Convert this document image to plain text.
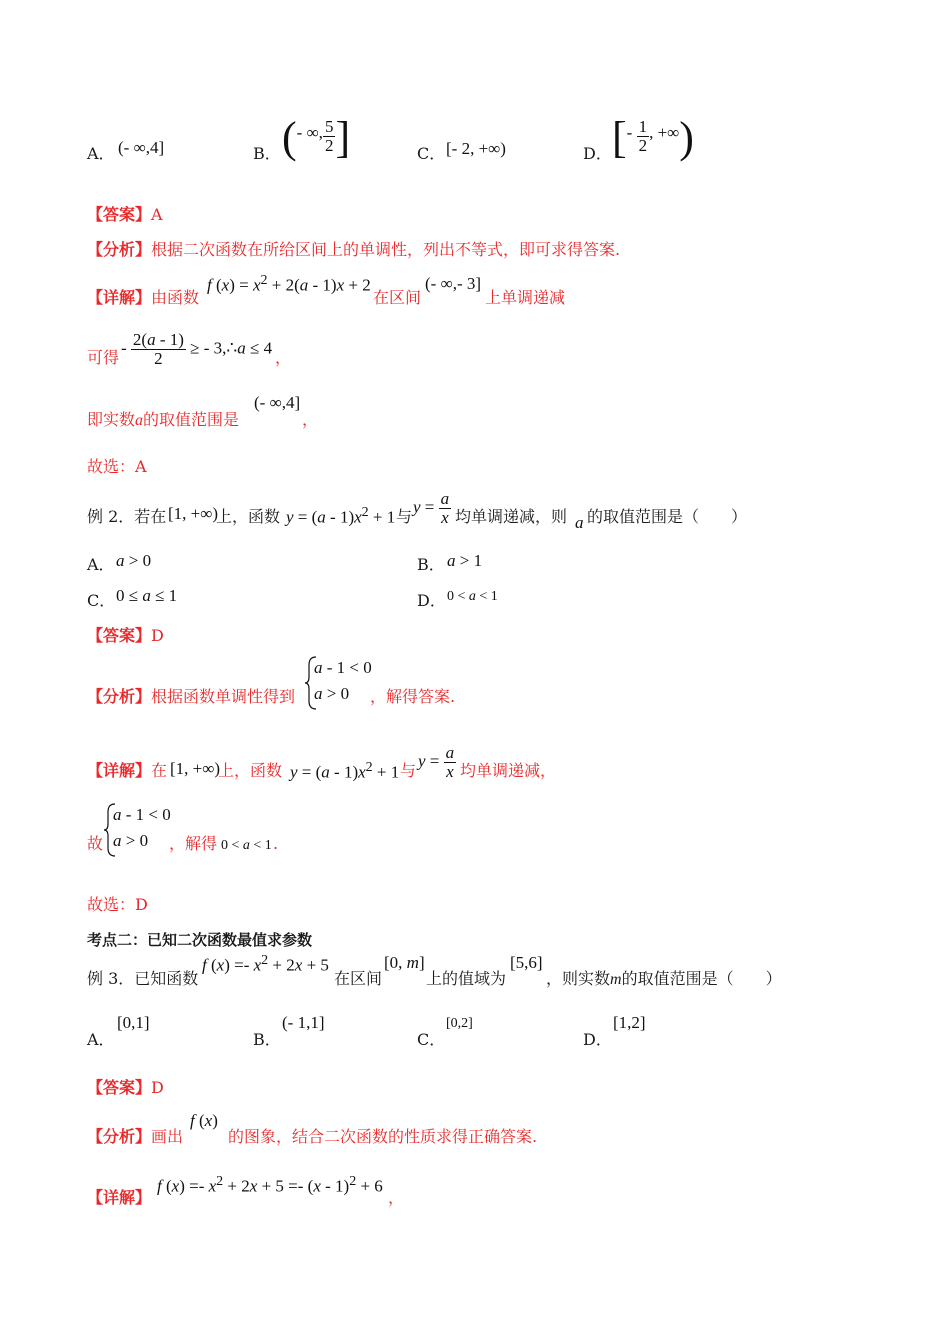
A． (- ∞,4]	B． (- ∞, $\frac{5}{2}$ ]	C． [- 2, +∞)	D． [- $\frac{1}{2}$ , +∞)
【答案】A
【分析】根据二次函数在所给区间上的单调性，列出不等式，即可求得答案.
【详解】由函数
f $(x) = x^2 + 2(a - 1)x + 2$
在区间
(- ∞,- 3]
上单调递减
可得
- $\frac{2(a - 1)}{2}$ ≥ - 3,∴a ≤ 4
，
即实数a的取值范围是
(- ∞,4]
，
故选：A
例 2．若在 [1, +∞)
上，函数 $y = (a - 1)x^2 + 1$ 与
$y = \frac{a}{x}$ 均单调递减，则 a 的取值范围是（　　）
A． a > 0	B． a > 1
C． 0 ≤ a ≤ 1	D． 0 < a < 1
【答案】D
【分析】根据函数单调性得到
a - 1 < 0
a > 0 ，解得答案.
【详解】在 [1, +∞)
上，函数 $y = (a - 1)x^2 + 1$ 与
$y = \frac{a}{x}$ 均单调递减，
故
a - 1 < 0
a > 0 ，解得 0 < a < 1 .
故选：D
考点二：已知二次函数最值求参数
例 3．已知函数
f $(x) =- x^2 + 2x + 5$
在区间
[0, m]
上的值域为
[5,6]
，则实数m的取值范围是（　　）
A．
[0,1]
B．
(- 1,1]
C．
[0,2]
D．
[1,2]
【答案】D
【分析】画出
f (x)
的图象，结合二次函数的性质求得正确答案.
【详解】
f $(x) =- x^2 + 2x + 5 =- (x - 1)^2 + 6$
，
